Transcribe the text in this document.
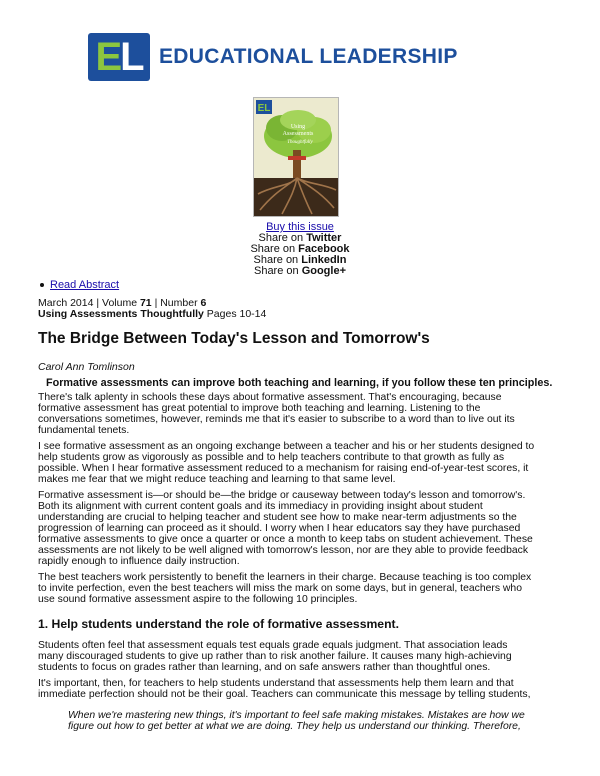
E L EDUCATIONAL LEADERSHIP
EL
Using
Assessments
Thoughtfully
Buy this issue
Share on Twitter
Share on Facebook
Share on LinkedIn
Share on Google+
Read Abstract
March 2014 | Volume 71 | Number 6
Using Assessments Thoughtfully Pages 10-14
The Bridge Between Today's Lesson and Tomorrow's
Carol Ann Tomlinson
Formative assessments can improve both teaching and learning, if you follow these ten principles.
There's talk aplenty in schools these days about formative assessment. That's encouraging, because
formative assessment has great potential to improve both teaching and learning. Listening to the
conversations sometimes, however, reminds me that it's easier to subscribe to a word than to live out its
fundamental tenets.
I see formative assessment as an ongoing exchange between a teacher and his or her students designed to
help students grow as vigorously as possible and to help teachers contribute to that growth as fully as
possible. When I hear formative assessment reduced to a mechanism for raising end-of-year-test scores, it
makes me fear that we might reduce teaching and learning to that same level.
Formative assessment is—or should be—the bridge or causeway between today's lesson and tomorrow's.
Both its alignment with current content goals and its immediacy in providing insight about student
understanding are crucial to helping teacher and student see how to make near-term adjustments so the
progression of learning can proceed as it should. I worry when I hear educators say they have purchased
formative assessments to give once a quarter or once a month to keep tabs on student achievement. These
assessments are not likely to be well aligned with tomorrow's lesson, nor are they able to provide feedback
rapidly enough to influence daily instruction.
The best teachers work persistently to benefit the learners in their charge. Because teaching is too complex
to invite perfection, even the best teachers will miss the mark on some days, but in general, teachers who
use sound formative assessment aspire to the following 10 principles.
1. Help students understand the role of formative assessment.
Students often feel that assessment equals test equals grade equals judgment. That association leads
many discouraged students to give up rather than to risk another failure. It causes many high-achieving
students to focus on grades rather than learning, and on safe answers rather than thoughtful ones.
It's important, then, for teachers to help students understand that assessments help them learn and that
immediate perfection should not be their goal. Teachers can communicate this message by telling students,
When we're mastering new things, it's important to feel safe making mistakes. Mistakes are how we
figure out how to get better at what we are doing. They help us understand our thinking. Therefore,
